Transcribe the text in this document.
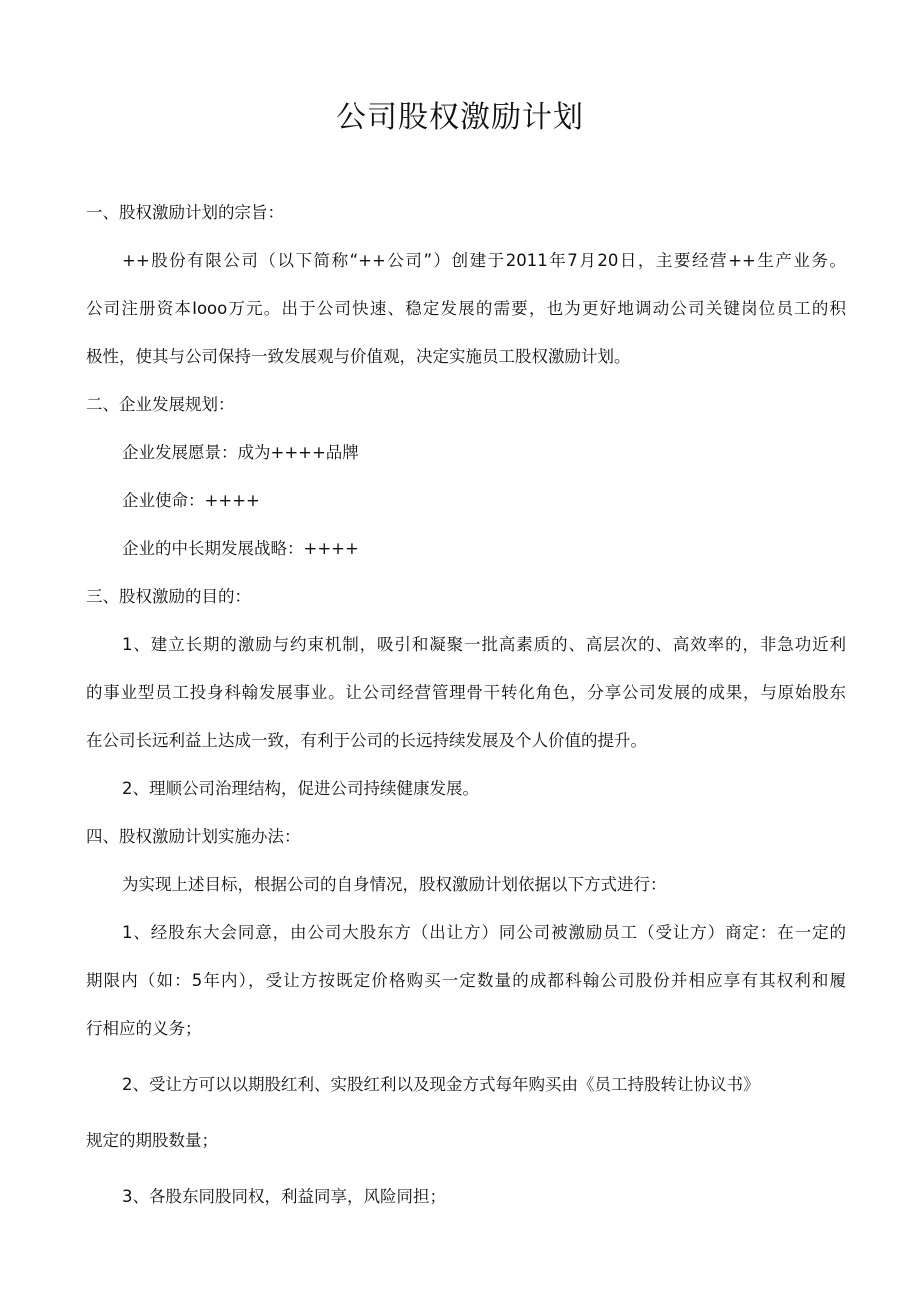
公司股权激励计划

一、股权激励计划的宗旨：

++股份有限公司（以下简称“++公司”）创建于2011年7月20日，主要经营++生产业务。

公司注册资本Iooo万元。出于公司快速、稳定发展的需要，也为更好地调动公司关键岗位员工的积

极性，使其与公司保持一致发展观与价值观，决定实施员工股权激励计划。

二、企业发展规划：

企业发展愿景：成为++++品牌

企业使命：++++

企业的中长期发展战略：++++

三、股权激励的目的：

1、建立长期的激励与约束机制，吸引和凝聚一批高素质的、高层次的、高效率的，非急功近利

的事业型员工投身科翰发展事业。让公司经营管理骨干转化角色，分享公司发展的成果，与原始股东

在公司长远利益上达成一致，有利于公司的长远持续发展及个人价值的提升。

2、理顺公司治理结构，促进公司持续健康发展。

四、股权激励计划实施办法：

为实现上述目标，根据公司的自身情况，股权激励计划依据以下方式进行：

1、经股东大会同意，由公司大股东方（出让方）同公司被激励员工（受让方）商定：在一定的

期限内（如：5年内），受让方按既定价格购买一定数量的成都科翰公司股份并相应享有其权利和履

行相应的义务；

2、受让方可以以期股红利、实股红利以及现金方式每年购买由《员工持股转让协议书》

规定的期股数量；

3、各股东同股同权，利益同享，风险同担；
